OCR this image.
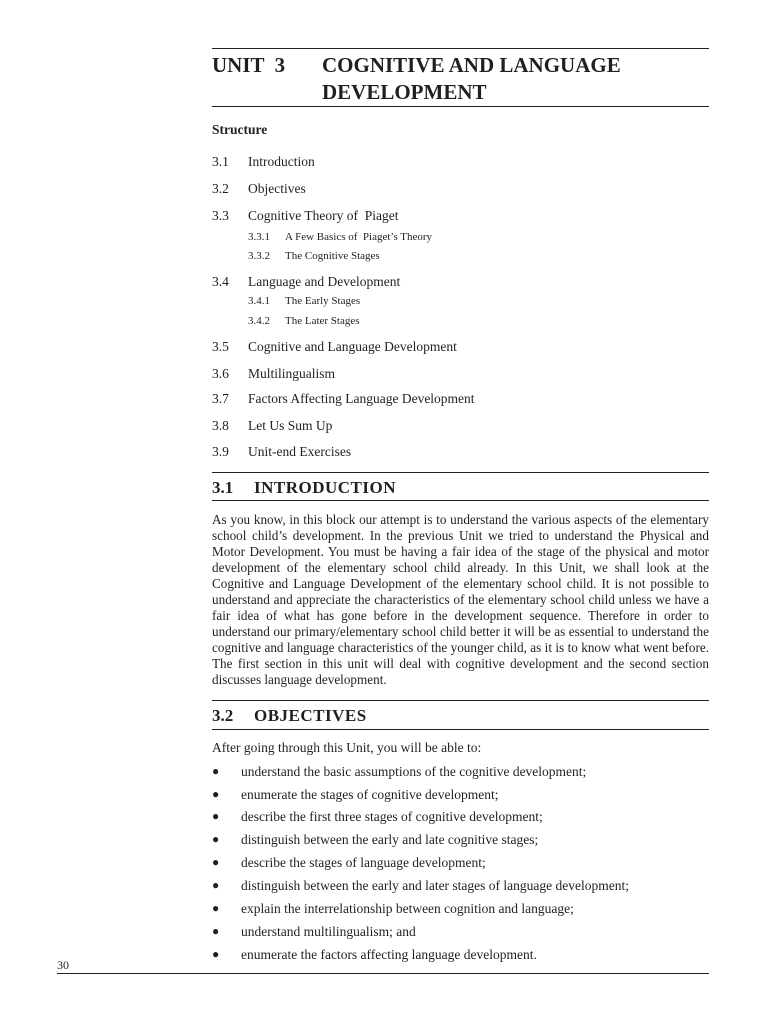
UNIT  3 COGNITIVE AND LANGUAGE DEVELOPMENT
Structure
3.1 Introduction
3.2 Objectives
3.3 Cognitive Theory of  Piaget
3.3.1 A Few Basics of  Piaget’s Theory
3.3.2 The Cognitive Stages
3.4 Language and Development
3.4.1 The Early Stages
3.4.2 The Later Stages
3.5 Cognitive and Language Development
3.6 Multilingualism
3.7 Factors Affecting Language Development
3.8 Let Us Sum Up
3.9 Unit-end Exercises
3.1 INTRODUCTION

As you know, in this block our attempt is to understand the various aspects of the elementary school child’s development. In the previous Unit we tried to understand the Physical and Motor Development. You must be having a fair idea of the stage of the physical and motor development of the elementary school child already. In this Unit, we shall look at the Cognitive and Language Development of the elementary school child. It is not possible to understand and appreciate the characteristics of the elementary school child unless we have a fair idea of what has gone before in the development sequence. Therefore in order to understand our primary/elementary school child better it will be as essential to understand the cognitive and language characteristics of the younger child, as it is to know what went before. The first section in this unit will deal with cognitive development and the second section discusses language development.

3.2 OBJECTIVES
After going through this Unit, you will be able to:
● understand the basic assumptions of the cognitive development;
● enumerate the stages of cognitive development;
● describe the first three stages of cognitive development;
● distinguish between the early and late cognitive stages;
● describe the stages of language development;
● distinguish between the early and later stages of language development;
● explain the interrelationship between cognition and language;
● understand multilingualism; and
● enumerate the factors affecting language development.
30
